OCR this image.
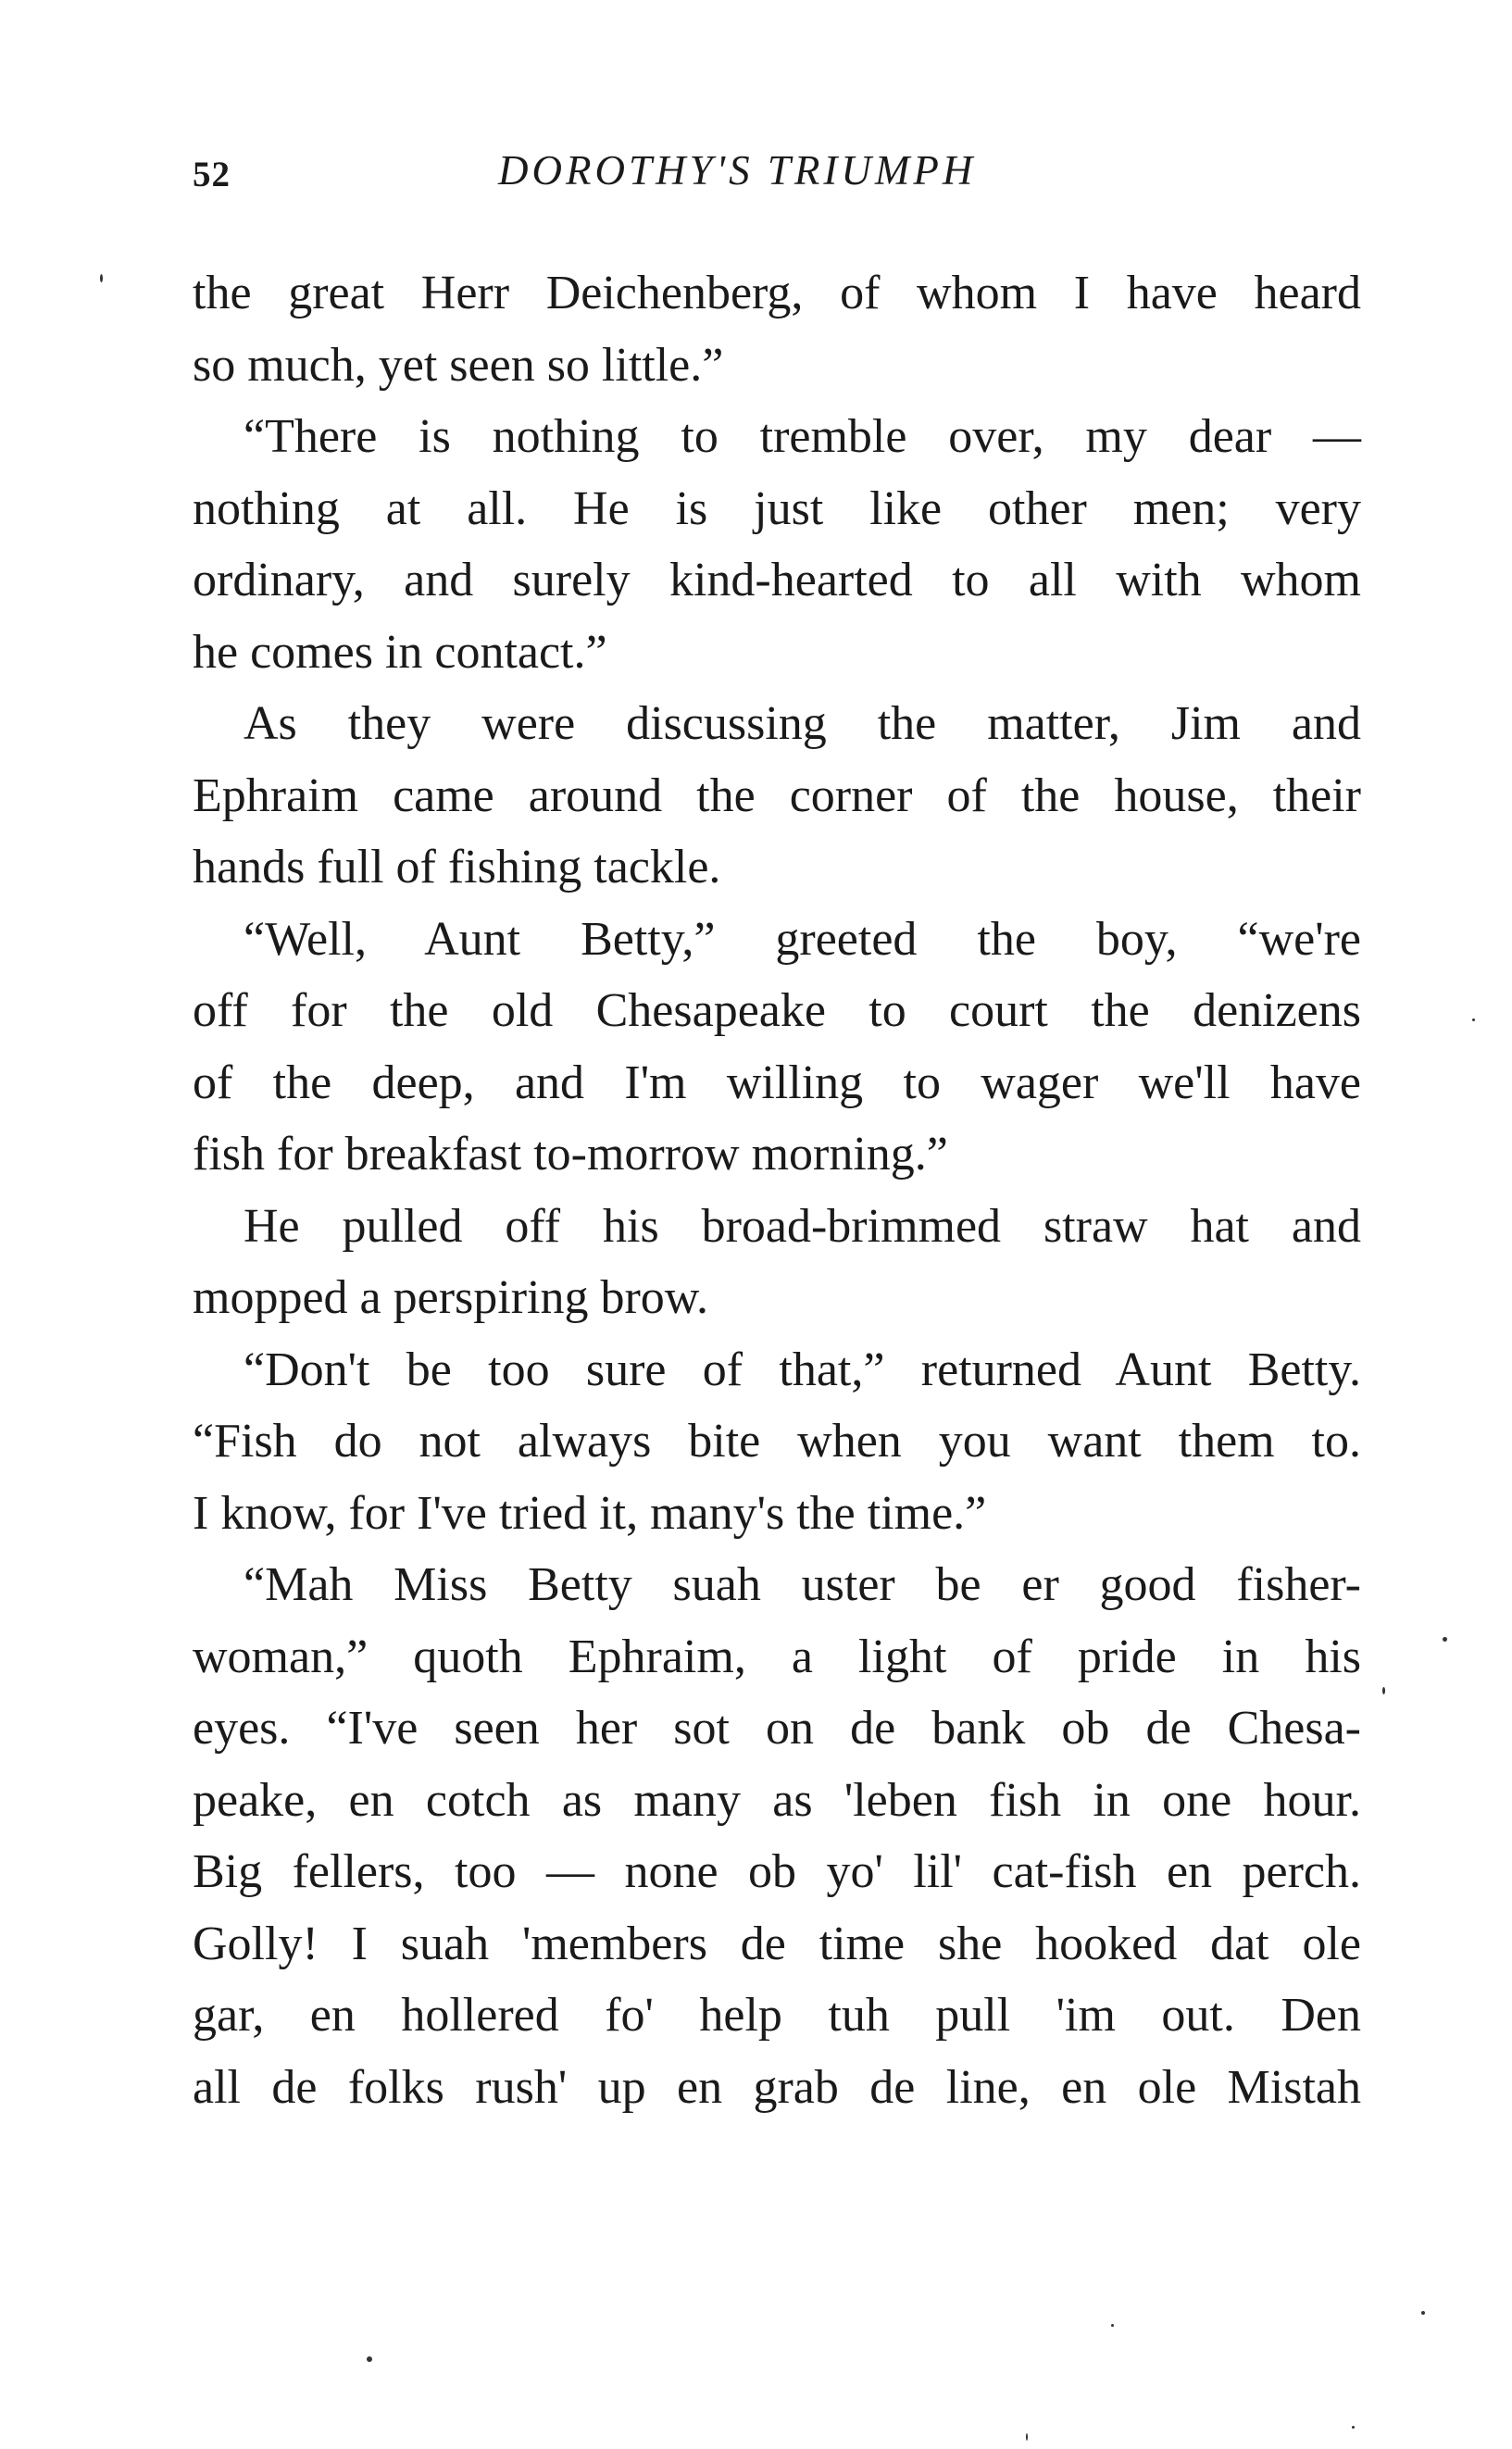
52	DOROTHY'S TRIUMPH
the great Herr Deichenberg, of whom I have heard
so much, yet seen so little.”
“There is nothing to tremble over, my dear —
nothing at all. He is just like other men; very
ordinary, and surely kind-hearted to all with whom
he comes in contact.”
As they were discussing the matter, Jim and
Ephraim came around the corner of the house, their
hands full of fishing tackle.
“Well, Aunt Betty,” greeted the boy, “we're
off for the old Chesapeake to court the denizens
of the deep, and I'm willing to wager we'll have
fish for breakfast to-morrow morning.”
He pulled off his broad-brimmed straw hat and
mopped a perspiring brow.
“Don't be too sure of that,” returned Aunt Betty.
“Fish do not always bite when you want them to.
I know, for I've tried it, many's the time.”
“Mah Miss Betty suah uster be er good fisher-
woman,” quoth Ephraim, a light of pride in his
eyes. “I've seen her sot on de bank ob de Chesa-
peake, en cotch as many as 'leben fish in one hour.
Big fellers, too — none ob yo' lil' cat-fish en perch.
Golly! I suah 'members de time she hooked dat ole
gar, en hollered fo' help tuh pull 'im out. Den
all de folks rush' up en grab de line, en ole Mistah
